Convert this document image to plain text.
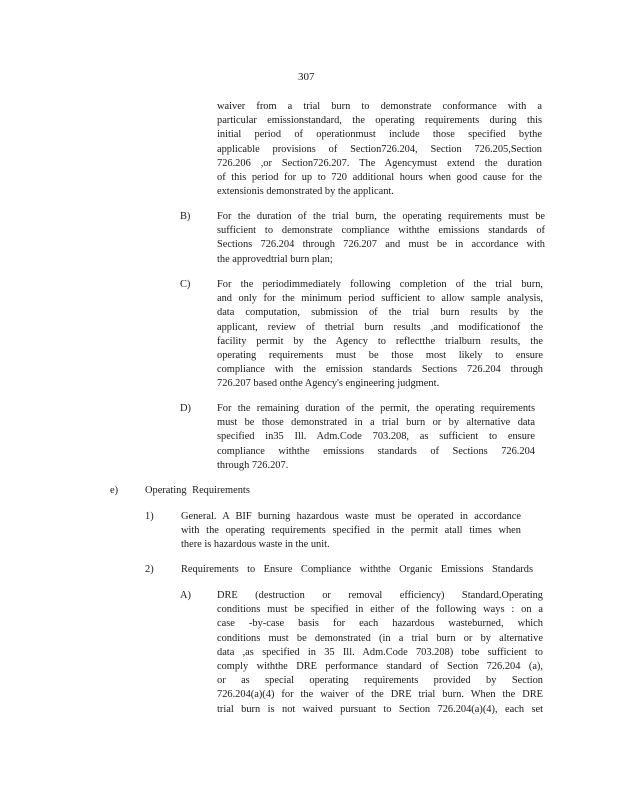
307
waiver from a trial burn to demonstrate conformance with a
particular emissionstandard, the operating requirements during this
initial period of operationmust include those specified bythe
applicable provisions of Section726.204, Section 726.205,Section
726.206 ,or Section726.207. The Agencymust extend the duration
of this period for up to 720 additional hours when good cause for the
extensionis demonstrated by the applicant.
B)	For the duration of the trial burn, the operating requirements must be
sufficient to demonstrate compliance withthe emissions standards of
Sections 726.204 through 726.207 and must be in accordance with
the approvedtrial burn plan;
C)	For the periodimmediately following completion of the trial burn,
and only for the minimum period sufficient to allow sample analysis,
data computation, submission of the trial burn results by the
applicant, review of thetrial burn results ,and modificationof the
facility permit by the Agency to reflectthe trialburn results, the
operating requirements must be those most likely to ensure
compliance with the emission standards Sections 726.204 through
726.207 based onthe Agency's engineering judgment.
D)	For the remaining duration of the permit, the operating requirements
must be those demonstrated in a trial burn or by alternative data
specified in35 Ill. Adm.Code 703.208, as sufficient to ensure
compliance withthe emissions standards of Sections 726.204
through 726.207.
e)	Operating Requirements
1)	General. A BIF burning hazardous waste must be operated in accordance
with the operating requirements specified in the permit atall times when
there is hazardous waste in the unit.
2)	Requirements to Ensure Compliance withthe Organic Emissions Standards
A)	DRE (destruction or removal efficiency) Standard.Operating
conditions must be specified in either of the following ways : on a
case -by-case basis for each hazardous wasteburned, which
conditions must be demonstrated (in a trial burn or by alternative
data ,as specified in 35 Ill. Adm.Code 703.208) tobe sufficient to
comply withthe DRE performance standard of Section 726.204 (a),
or as special operating requirements provided by Section
726.204(a)(4) for the waiver of the DRE trial burn. When the DRE
trial burn is not waived pursuant to Section 726.204(a)(4), each set
